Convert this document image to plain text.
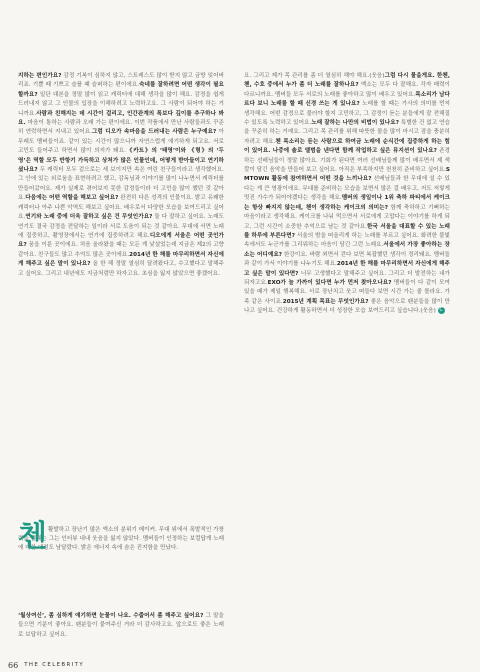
지하는 편인가요? 감정 기복이 심하지 않고, 스트레스도 많이 받지 않고 금방 잊어버리죠. 기쁠 때 기쁘고 슬플 때 슬퍼하는 편이에요.숙네를 잘하려면 어떤 생각이 필요할까요? 일단 대본을 정말 많이 읽고 캐릭터에 대해 생각을 많이 해요. 감정을 쉽게 드러내지 않고 그 인물의 입장을 이해하려고 노력하고요. 그 사람이 되어야 하는 거니까요.사람과 친해지는 데 시간이 걸리고, 인간관계의 폭보다 깊이를 추구하나 봐요. 마음이 통하는 사람과 오래 가는 편이에요. 이번 작품에서 만난 사람들과도 꾸준히 연락하면서 지내고 있어요.그럼 디오가 속마음을 드러내는 사람은 누구예요? 아무래도 멤버들이죠. 같이 있는 시간이 많으니까 자연스럽게 얘기하게 되고요. 서로 고민도 들어주고 하면서 많이 의지가 돼요.《카트》의 ‘태영’이와 《형》의 ‘두영’은 역할 모두 반항기 가득하고 상처가 많은 인물인데, 어떻게 받아들이고 연기하셨나요? 두 캐릭터 모두 겉으로는 세 보이지만 속은 여린 친구들이라고 생각했어요. 그 안에 있는 외로움을 표현하려고 했고, 감독님과 이야기를 많이 나누면서 캐릭터를 만들어갔어요. 제가 실제로 겪어보지 못한 감정들이라 더 고민을 많이 했던 것 같아요.다음에는 어떤 역할을 해보고 싶어요? 완전히 다른 성격의 인물이요. 밝고 유쾌한 캐릭터나 아주 나쁜 악역도 해보고 싶어요. 배우로서 다양한 모습을 보여드리고 싶어요.연기와 노래 중에 더욱 잘하고 싶은 건 무엇인가요? 둘 다 잘하고 싶어요. 노래도 연기도 결국 감정을 전달하는 일이라 서로 도움이 되는 것 같아요. 무대에 서면 노래에 집중하고, 촬영장에서는 연기에 집중하려고 해요.디오에게 서울은 어떤 곳인가요? 꿈을 이룬 곳이에요. 처음 올라왔을 때는 모든 게 낯설었는데 지금은 제2의 고향 같아요. 친구들도 많고 추억도 많은 곳이에요.2014년 한 해를 마무리하면서 자신에게 해주고 싶은 말이 있나요? 올 한 해 정말 열심히 달려왔다고, 수고했다고 말해주고 싶어요. 그리고 내년에도 지금처럼만 하자고요. 초심을 잃지 않았으면 좋겠어요.

첸 활발하고 장난기 많은 엑소의 분위기 메이커. 무대 위에서 폭발적인 가창력을 뽐내는 그는 인터뷰 내내 웃음을 잃지 않았다. 멤버들이 인정하는 보컬답게 노래에 대한 애정도 남달랐다. 밝은 에너지 속에 숨은 진지함을 만났다.

‘월상여신’, 좀 심하게 얘기하면 눈물이 나요. 수줍어서 좀 해주고 싶어요? 그 말을 들으면 기분이 좋아요. 팬분들이 붙여주신 거라 더 감사하고요. 앞으로도 좋은 노래로 보답하고 싶어요.

요. 그리고 제가 목 관리를 좀 더 열심히 해야 해요.(웃음)그럼 다시 물을게요. 한첸, 첸, 수호 중에서 누가 좀 더 노래를 잘하나요? 엑소는 모두 다 잘해요. 각자 매력이 다르니까요. 멤버들 모두 서로의 노래를 좋아하고 많이 배우고 있어요.목소리가 남다르다 보니 노래를 할 때 신경 쓰는 게 있나요? 노래를 할 때는 가사의 의미를 먼저 생각해요. 어떤 감정으로 불러야 할지 고민하고, 그 감정이 듣는 분들에게 잘 전해질 수 있도록 노력하고 있어요.노래 잘하는 나만의 비법이 있나요? 특별한 건 없고 연습을 꾸준히 하는 거예요. 그리고 목 관리를 위해 따뜻한 물을 많이 마시고 잠을 충분히 자려고 해요.첸 목소리는 듣는 사람으로 하여금 노래에 순식간에 집중하게 하는 힘이 있어요. 나중에 솔로 앨범을 낸다면 함께 작업하고 싶은 뮤지션이 있나요? 존경하는 선배님들이 정말 많아요. 기회가 된다면 여러 선배님들께 많이 배우면서 제 색깔이 담긴 음악을 만들어 보고 싶어요. 아직은 부족하지만 천천히 준비하고 싶어요.SMTOWN 활동에 참여하면서 어떤 것을 느끼나요? 선배님들과 한 무대에 설 수 있다는 게 큰 영광이에요. 무대를 준비하는 모습을 보면서 많은 걸 배우고, 저도 저렇게 멋진 가수가 되어야겠다는 생각을 해요.멤버의 생일이나 1위 축하 파티에서 케이크는 항상 빠지지 않는데, 첸이 생각하는 케이크의 의미는? 함께 축하하고 기뻐하는 마음이라고 생각해요. 케이크를 나눠 먹으면서 서로에게 고맙다는 이야기를 하게 되고, 그런 시간이 소중한 추억으로 남는 것 같아요.한국 서울을 대표할 수 있는 노래를 하루에 부른다면? 서울의 밤을 떠올리게 하는 노래를 부르고 싶어요. 화려한 불빛 속에서도 누군가를 그리워하는 마음이 담긴 그런 노래요.서울에서 가장 좋아하는 장소는 어디예요? 한강이요. 바람 쐬면서 걷다 보면 복잡했던 생각이 정리돼요. 멤버들과 같이 가서 이야기를 나누기도 해요.2014년 한 해를 마무리하면서 자신에게 해주고 싶은 말이 있다면? 너무 고생했다고 말해주고 싶어요. 그리고 더 발전하는 내가 되자고요.EXO가 늘 가까이 있다면 누가 먼저 찾아오나요? 멤버들이 다 같이 모여 있을 때가 제일 행복해요. 서로 장난치고 웃고 떠들다 보면 시간 가는 줄 몰라요. 가족 같은 사이죠.2015년 계획 목표는 무엇인가요? 좋은 음악으로 팬분들을 많이 만나고 싶어요. 건강하게 활동하면서 더 성장한 모습 보여드리고 싶습니다.(웃음) C

66 THE CELEBRITY
